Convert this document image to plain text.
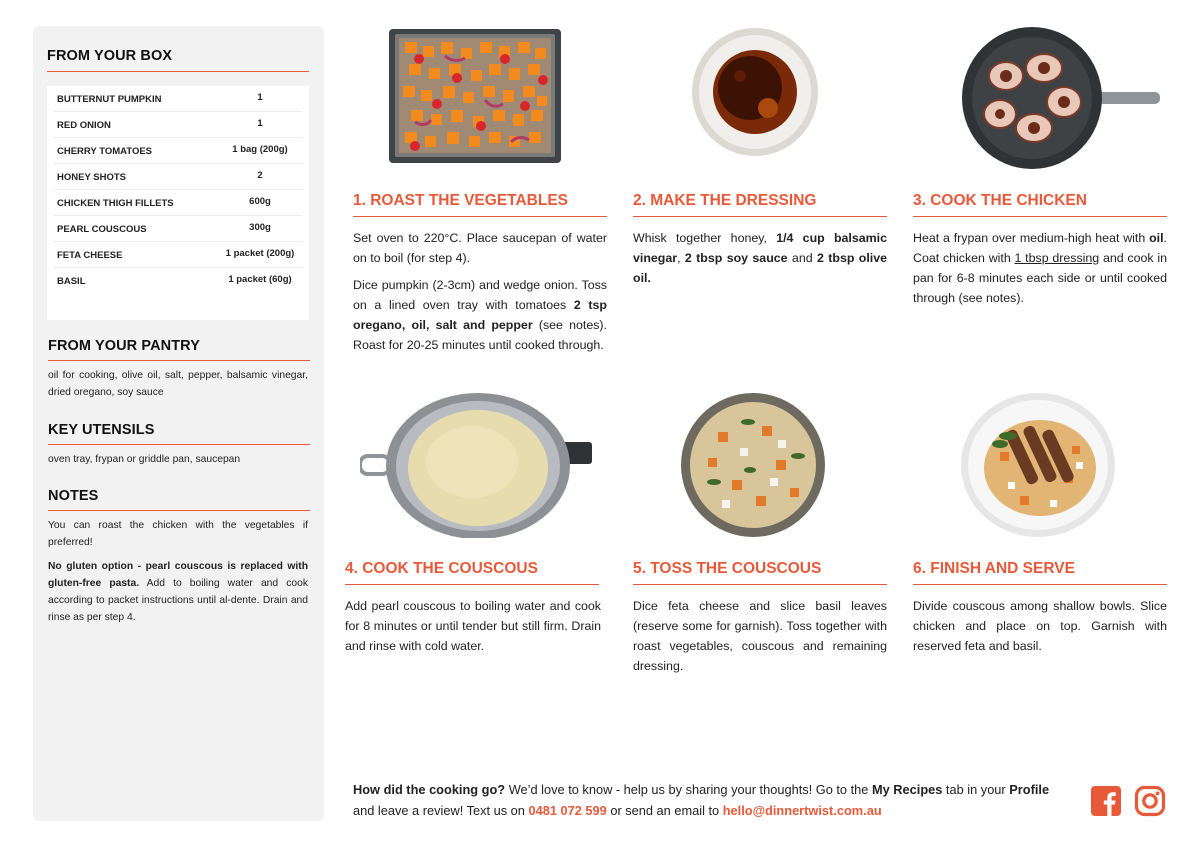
FROM YOUR BOX
BUTTERNUT PUMPKIN	1
RED ONION	1
CHERRY TOMATOES	1 bag (200g)
HONEY SHOTS	2
CHICKEN THIGH FILLETS	600g
PEARL COUSCOUS	300g
FETA CHEESE	1 packet (200g)
BASIL	1 packet (60g)
FROM YOUR PANTRY
oil for cooking, olive oil, salt, pepper, balsamic vinegar, dried oregano, soy sauce
KEY UTENSILS
oven tray, frypan or griddle pan, saucepan
NOTES
You can roast the chicken with the vegetables if preferred!
No gluten option - pearl couscous is replaced with gluten-free pasta. Add to boiling water and cook according to packet instructions until al-dente. Drain and rinse as per step 4.
1. ROAST THE VEGETABLES

Set oven to 220°C. Place saucepan of water on to boil (for step 4).

Dice pumpkin (2-3cm) and wedge onion. Toss on a lined oven tray with tomatoes 2 tsp oregano, oil, salt and pepper (see notes). Roast for 20-25 minutes until cooked through.

2. MAKE THE DRESSING
Whisk together honey, 1/4 cup balsamic vinegar, 2 tbsp soy sauce and 2 tbsp olive oil.
3. COOK THE CHICKEN
Heat a frypan over medium-high heat with oil. Coat chicken with 1 tbsp dressing and cook in pan for 6-8 minutes each side or until cooked through (see notes).
4. COOK THE COUSCOUS
Add pearl couscous to boiling water and cook for 8 minutes or until tender but still firm. Drain and rinse with cold water.
5. TOSS THE COUSCOUS
Dice feta cheese and slice basil leaves (reserve some for garnish). Toss together with roast vegetables, couscous and remaining dressing.
6. FINISH AND SERVE
Divide couscous among shallow bowls. Slice chicken and place on top. Garnish with reserved feta and basil.
How did the cooking go? We’d love to know - help us by sharing your thoughts! Go to the My Recipes tab in your Profile and leave a review! Text us on 0481 072 599 or send an email to hello@dinnertwist.com.au
